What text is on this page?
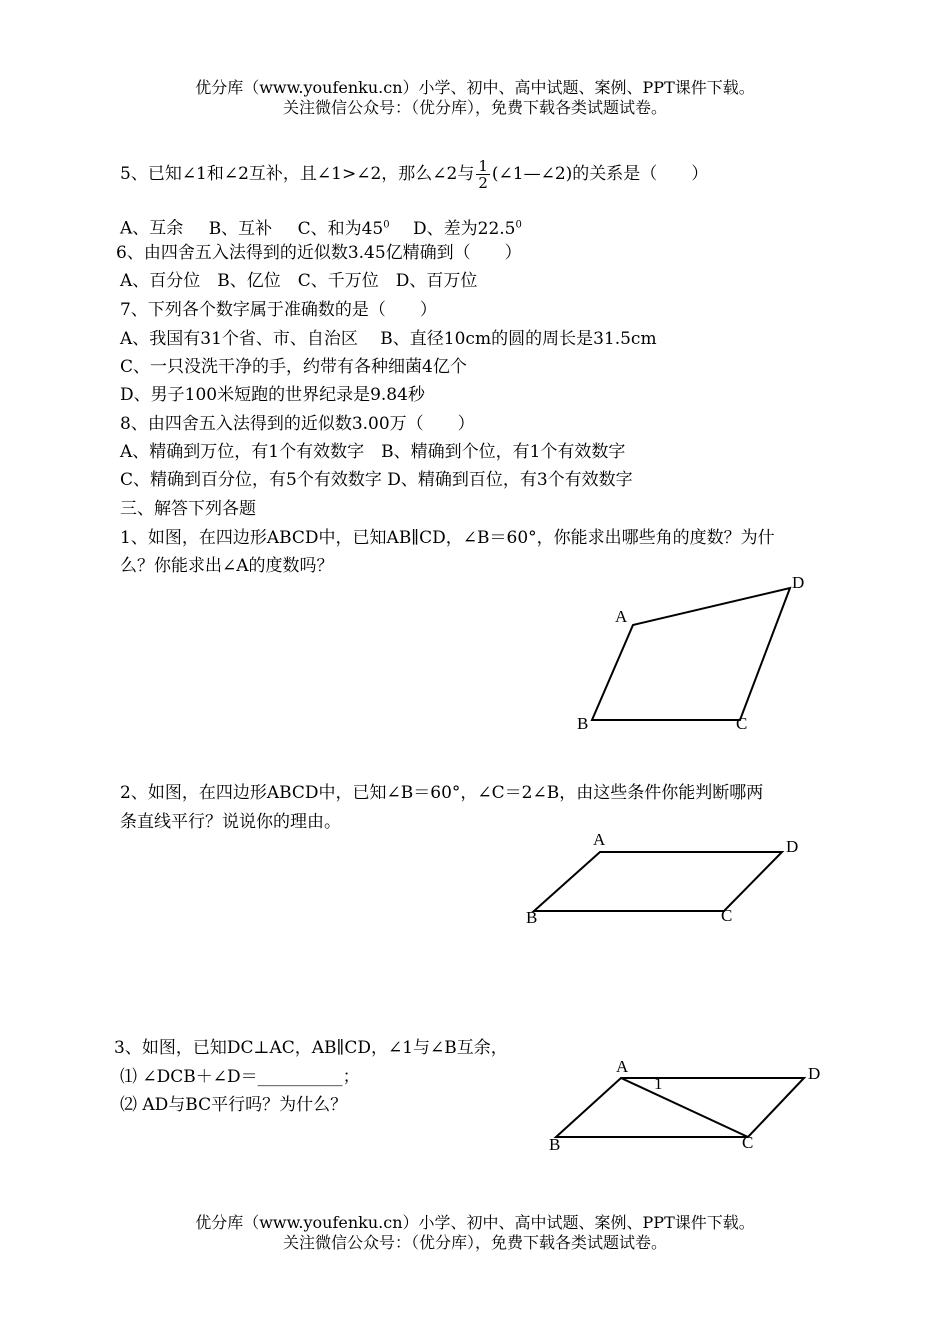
优分库（www.youfenku.cn）小学、初中、高中试题、案例、PPT课件下载。
关注微信公众号：（优分库），免费下载各类试题试卷。
5、已知∠1和∠2互补，且∠1>∠2，那么∠2与 $\frac{1}{2}$ (∠1—∠2)的关系是（　　）
A、互余 B、互补 C、和为$45^0$ D、差为22.5$^0$
6、由四舍五入法得到的近似数3.45亿精确到（　　）
A、百分位　B、亿位　C、千万位　D、百万位
7、下列各个数字属于准确数的是（　　）
A、我国有31个省、市、自治区　 B、直径10cm的圆的周长是31.5cm
C、一只没洗干净的手，约带有各种细菌4亿个
D、男子100米短跑的世界纪录是9.84秒
8、由四舍五入法得到的近似数3.00万（　　）
A、精确到万位，有1个有效数字　B、精确到个位，有1个有效数字
C、精确到百分位，有5个有效数字 D、精确到百位，有3个有效数字
三、解答下列各题
1、如图，在四边形ABCD中，已知AB∥CD，∠B＝60°，你能求出哪些角的度数？为什
么？你能求出∠A的度数吗？
A
D
B	C
2、如图，在四边形ABCD中，已知∠B＝60°，∠C＝2∠B，由这些条件你能判断哪两
条直线平行？说说你的理由。
A	D
B	C
3、如图，已知DC⊥AC，AB∥CD，∠1与∠B互余，
⑴ ∠DCB＋∠D＝__________；
⑵ AD与BC平行吗？为什么？
A
1
D
B	C
优分库（www.youfenku.cn）小学、初中、高中试题、案例、PPT课件下载。
关注微信公众号：（优分库），免费下载各类试题试卷。
